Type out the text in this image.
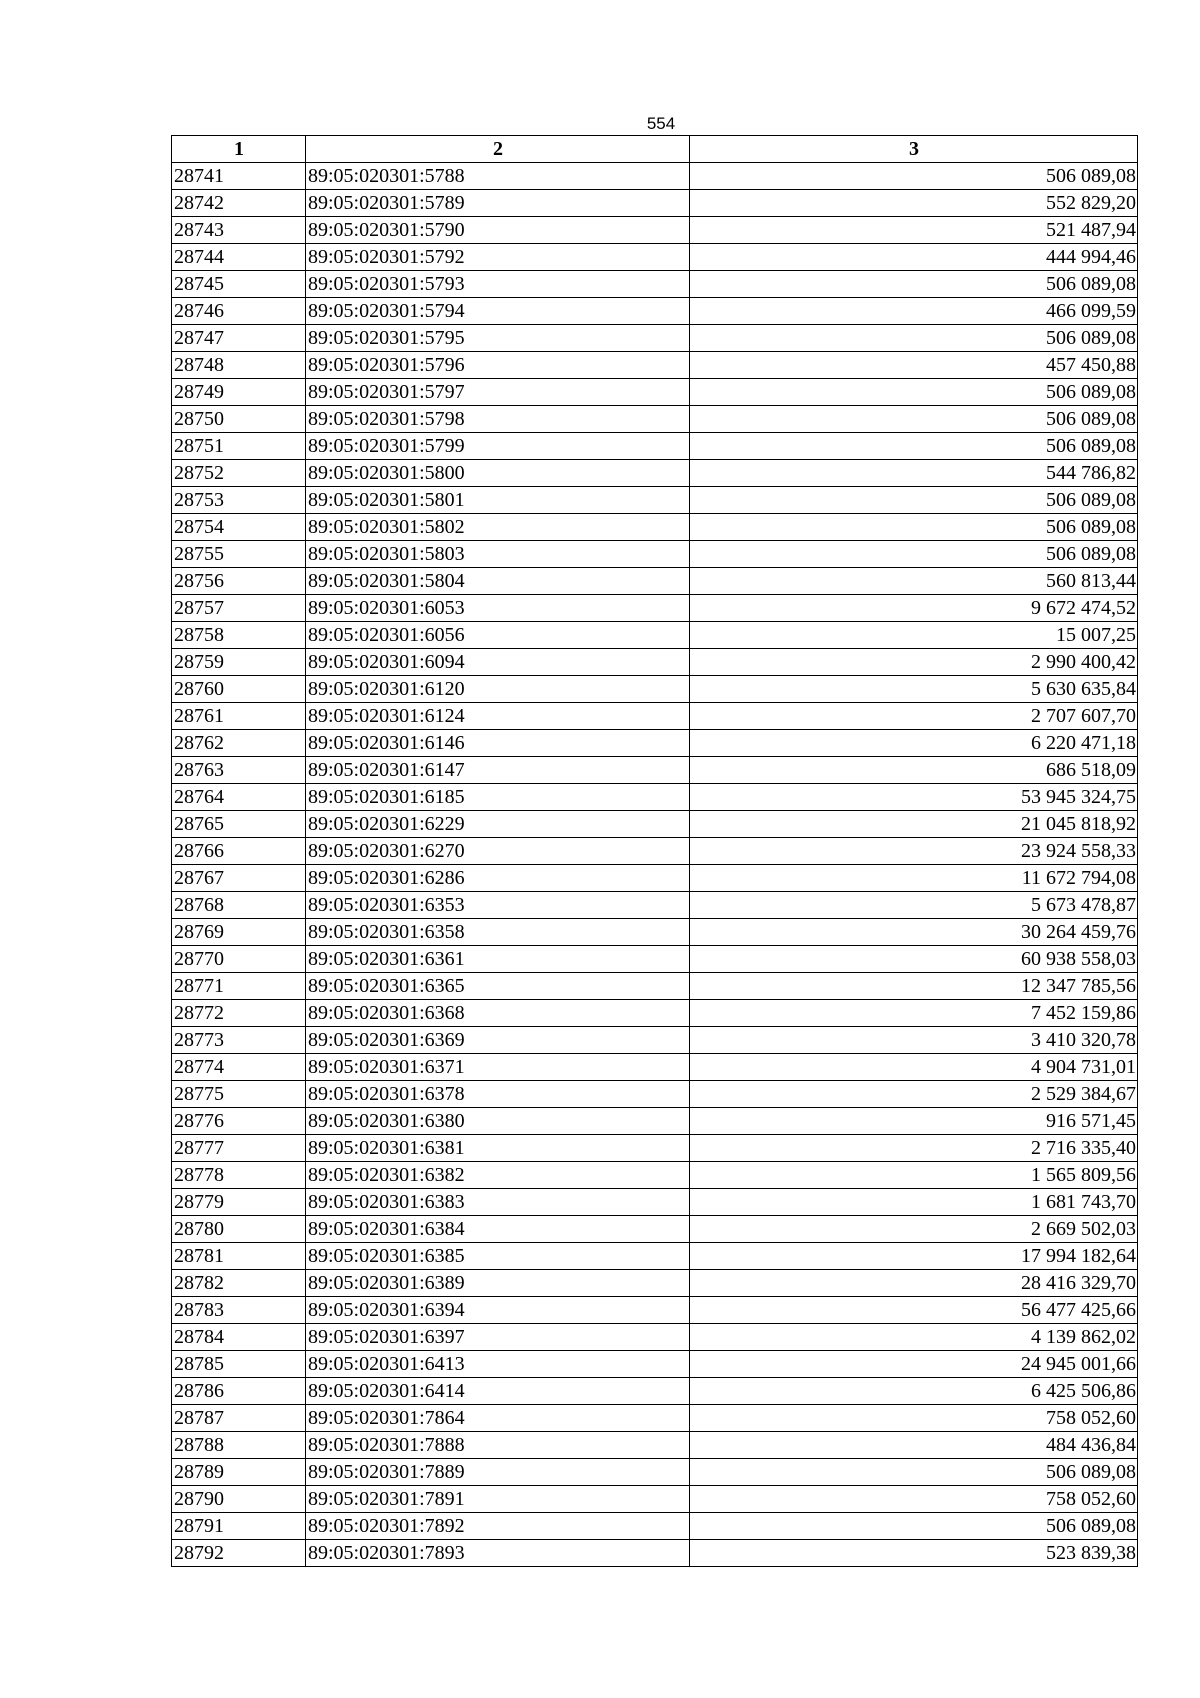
554
1	2	3
28741	89:05:020301:5788	506 089,08
28742	89:05:020301:5789	552 829,20
28743	89:05:020301:5790	521 487,94
28744	89:05:020301:5792	444 994,46
28745	89:05:020301:5793	506 089,08
28746	89:05:020301:5794	466 099,59
28747	89:05:020301:5795	506 089,08
28748	89:05:020301:5796	457 450,88
28749	89:05:020301:5797	506 089,08
28750	89:05:020301:5798	506 089,08
28751	89:05:020301:5799	506 089,08
28752	89:05:020301:5800	544 786,82
28753	89:05:020301:5801	506 089,08
28754	89:05:020301:5802	506 089,08
28755	89:05:020301:5803	506 089,08
28756	89:05:020301:5804	560 813,44
28757	89:05:020301:6053	9 672 474,52
28758	89:05:020301:6056	15 007,25
28759	89:05:020301:6094	2 990 400,42
28760	89:05:020301:6120	5 630 635,84
28761	89:05:020301:6124	2 707 607,70
28762	89:05:020301:6146	6 220 471,18
28763	89:05:020301:6147	686 518,09
28764	89:05:020301:6185	53 945 324,75
28765	89:05:020301:6229	21 045 818,92
28766	89:05:020301:6270	23 924 558,33
28767	89:05:020301:6286	11 672 794,08
28768	89:05:020301:6353	5 673 478,87
28769	89:05:020301:6358	30 264 459,76
28770	89:05:020301:6361	60 938 558,03
28771	89:05:020301:6365	12 347 785,56
28772	89:05:020301:6368	7 452 159,86
28773	89:05:020301:6369	3 410 320,78
28774	89:05:020301:6371	4 904 731,01
28775	89:05:020301:6378	2 529 384,67
28776	89:05:020301:6380	916 571,45
28777	89:05:020301:6381	2 716 335,40
28778	89:05:020301:6382	1 565 809,56
28779	89:05:020301:6383	1 681 743,70
28780	89:05:020301:6384	2 669 502,03
28781	89:05:020301:6385	17 994 182,64
28782	89:05:020301:6389	28 416 329,70
28783	89:05:020301:6394	56 477 425,66
28784	89:05:020301:6397	4 139 862,02
28785	89:05:020301:6413	24 945 001,66
28786	89:05:020301:6414	6 425 506,86
28787	89:05:020301:7864	758 052,60
28788	89:05:020301:7888	484 436,84
28789	89:05:020301:7889	506 089,08
28790	89:05:020301:7891	758 052,60
28791	89:05:020301:7892	506 089,08
28792	89:05:020301:7893	523 839,38
